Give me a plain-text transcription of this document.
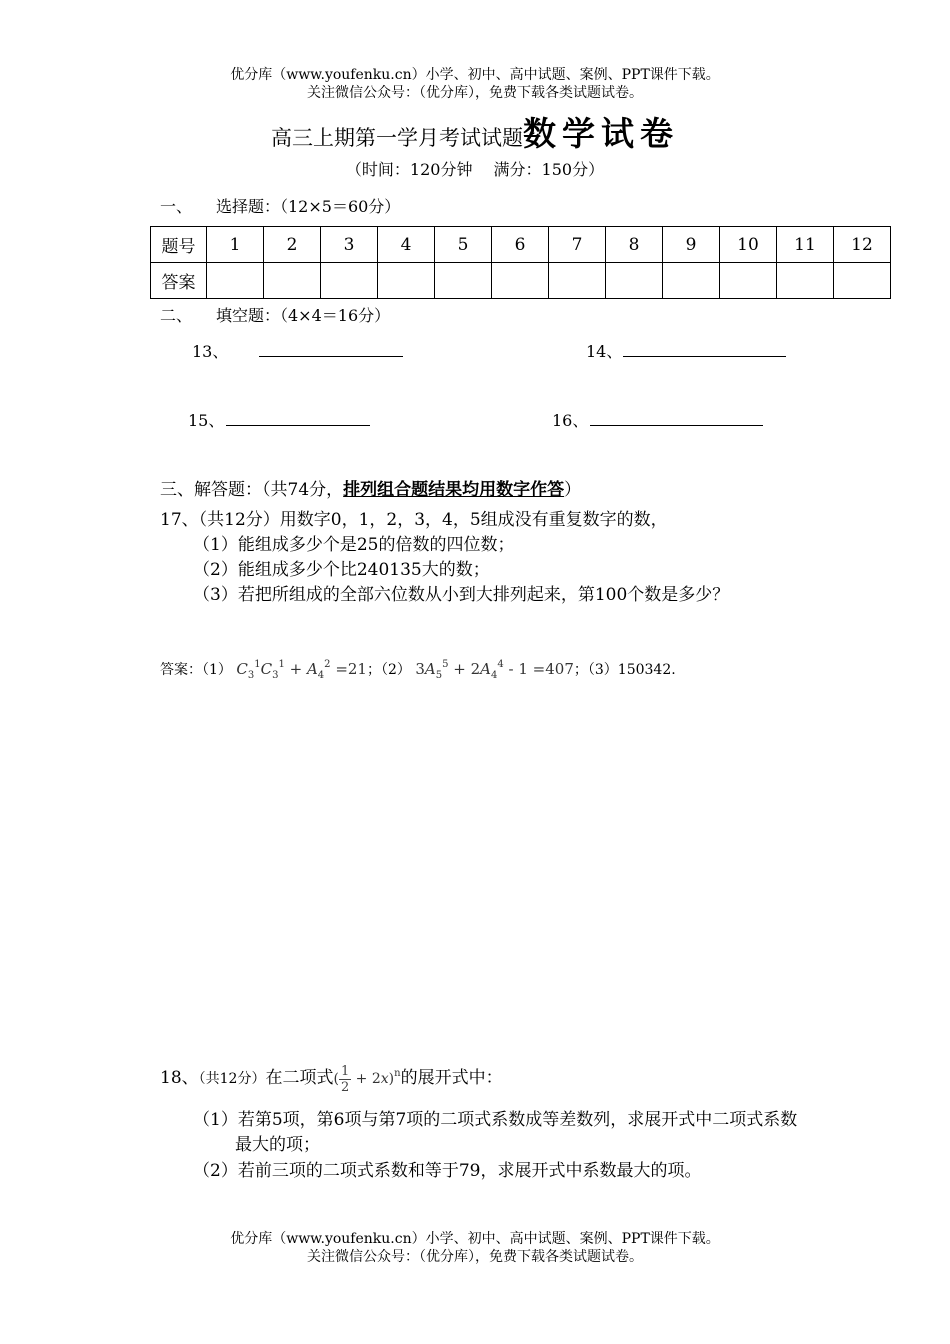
优分库（www.youfenku.cn）小学、初中、高中试题、案例、PPT课件下载。
关注微信公众号：（优分库），免费下载各类试题试卷。
高三上期第一学月考试试题数学试卷
（时间：120分钟　 满分：150分）
一、　　选择题：（12×5＝60分）
题号	1	2	3	4	5	6	7	8	9	10	11	12
答案												
二、　　填空题：（4×4＝16分）
13、	14、
15、	16、
三、解答题：（共74分，排列组合题结果均用数字作答）
17、（共12分）用数字0，1，2，3，4，5组成没有重复数字的数，
（1）能组成多少个是25的倍数的四位数；
（2）能组成多少个比240135大的数；
（3）若把所组成的全部六位数从小到大排列起来，第100个数是多少？
答案：（1） $C_3^1C_3^1 + A_4^2 =21$；（2） $3A_5^5 + 2A_4^4 - 1 =407$；（3）150342.
18、（共12分）在二项式( $\frac{1}{2} + 2x)^n$的展开式中：
（1）若第5项，第6项与第7项的二项式系数成等差数列，求展开式中二项式系数
最大的项；
（2）若前三项的二项式系数和等于79，求展开式中系数最大的项。
优分库（www.youfenku.cn）小学、初中、高中试题、案例、PPT课件下载。
关注微信公众号：（优分库），免费下载各类试题试卷。
